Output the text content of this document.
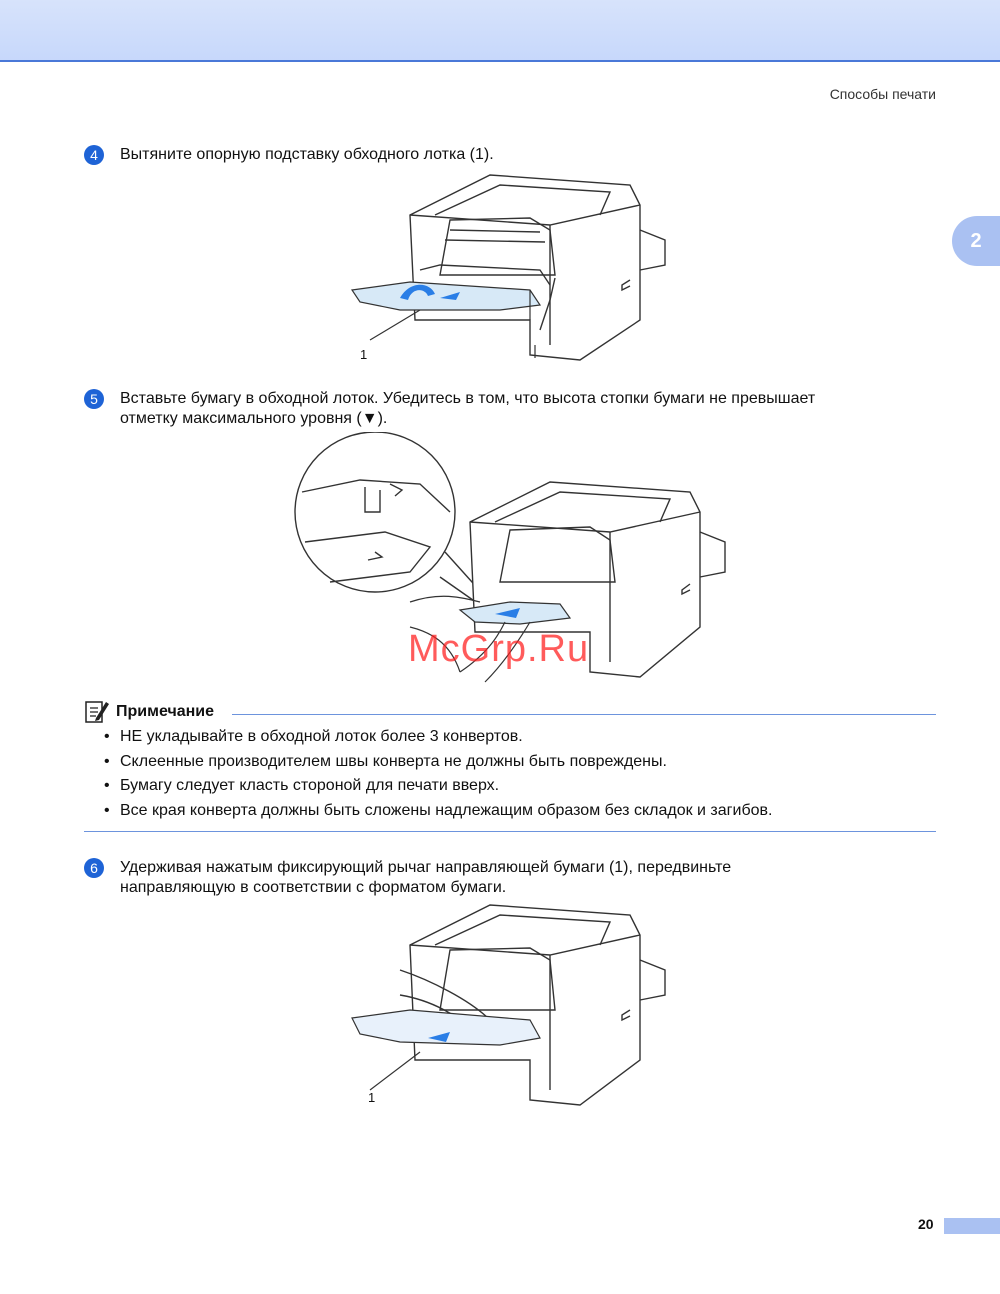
Способы печати
2
4	Вытяните опорную подставку обходного лотка (1).
1
5	Вставьте бумагу в обходной лоток. Убедитесь в том, что высота стопки бумаги не превышает
отметку максимального уровня (▼).
McGrp.Ru
Примечание
• НЕ укладывайте в обходной лоток более 3 конвертов.
• Склеенные производителем швы конверта не должны быть повреждены.
• Бумагу следует класть стороной для печати вверх.
• Все края конверта должны быть сложены надлежащим образом без складок и загибов.
6	Удерживая нажатым фиксирующий рычаг направляющей бумаги (1), передвиньте
направляющую в соответствии с форматом бумаги.
1
20
